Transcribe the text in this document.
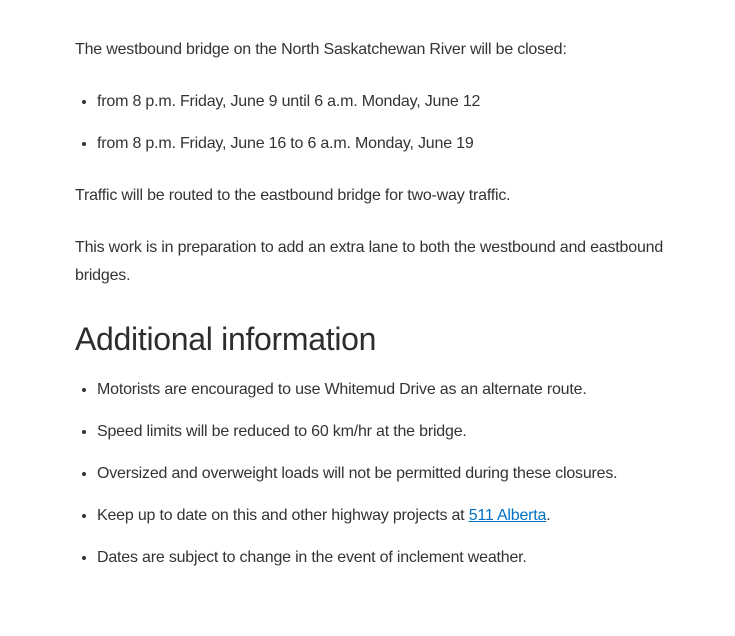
The westbound bridge on the North Saskatchewan River will be closed:

• from 8 p.m. Friday, June 9 until 6 a.m. Monday, June 12
• from 8 p.m. Friday, June 16 to 6 a.m. Monday, June 19

Traffic will be routed to the eastbound bridge for two-way traffic.

This work is in preparation to add an extra lane to both the westbound and eastbound bridges.

Additional information
• Motorists are encouraged to use Whitemud Drive as an alternate route.
• Speed limits will be reduced to 60 km/hr at the bridge.
• Oversized and overweight loads will not be permitted during these closures.
• Keep up to date on this and other highway projects at 511 Alberta.
• Dates are subject to change in the event of inclement weather.
